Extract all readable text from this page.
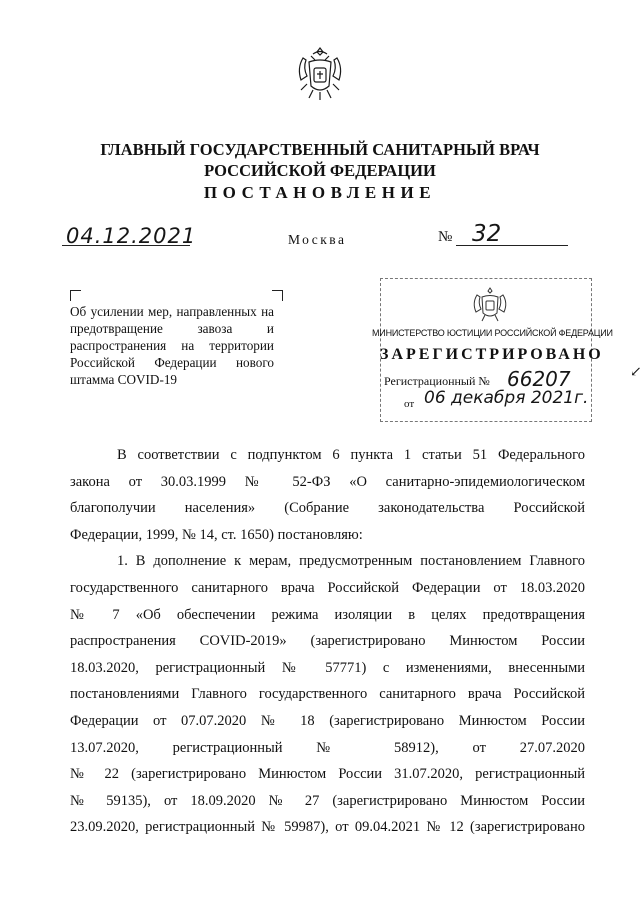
ГЛАВНЫЙ ГОСУДАРСТВЕННЫЙ САНИТАРНЫЙ ВРАЧ
РОССИЙСКОЙ ФЕДЕРАЦИИ
ПОСТАНОВЛЕНИЕ
04.12.2021	Москва	№ 32
Об усилении мер, направленных на
предотвращение завоза и
распространения на территории
Российской Федерации нового
штамма COVID-19
МИНИСТЕРСТВО ЮСТИЦИИ РОССИЙСКОЙ ФЕДЕРАЦИИ
ЗАРЕГИСТРИРОВАНО
Регистрационный № 66207
от 06 декабря 2021г.
↙
В соответствии с подпунктом 6 пункта 1 статьи 51 Федерального
закона от 30.03.1999 № 52-ФЗ «О санитарно-эпидемиологическом
благополучии населения» (Собрание законодательства Российской
Федерации, 1999, № 14, ст. 1650) постановляю:
1. В дополнение к мерам, предусмотренным постановлением Главного
государственного санитарного врача Российской Федерации от 18.03.2020
№ 7 «Об обеспечении режима изоляции в целях предотвращения
распространения COVID-2019» (зарегистрировано Минюстом России
18.03.2020, регистрационный № 57771) с изменениями, внесенными
постановлениями Главного государственного санитарного врача Российской
Федерации от 07.07.2020 № 18 (зарегистрировано Минюстом России
13.07.2020, регистрационный № 58912), от 27.07.2020
№ 22 (зарегистрировано Минюстом России 31.07.2020, регистрационный
№ 59135), от 18.09.2020 № 27 (зарегистрировано Минюстом России
23.09.2020, регистрационный № 59987), от 09.04.2021 № 12 (зарегистрировано
